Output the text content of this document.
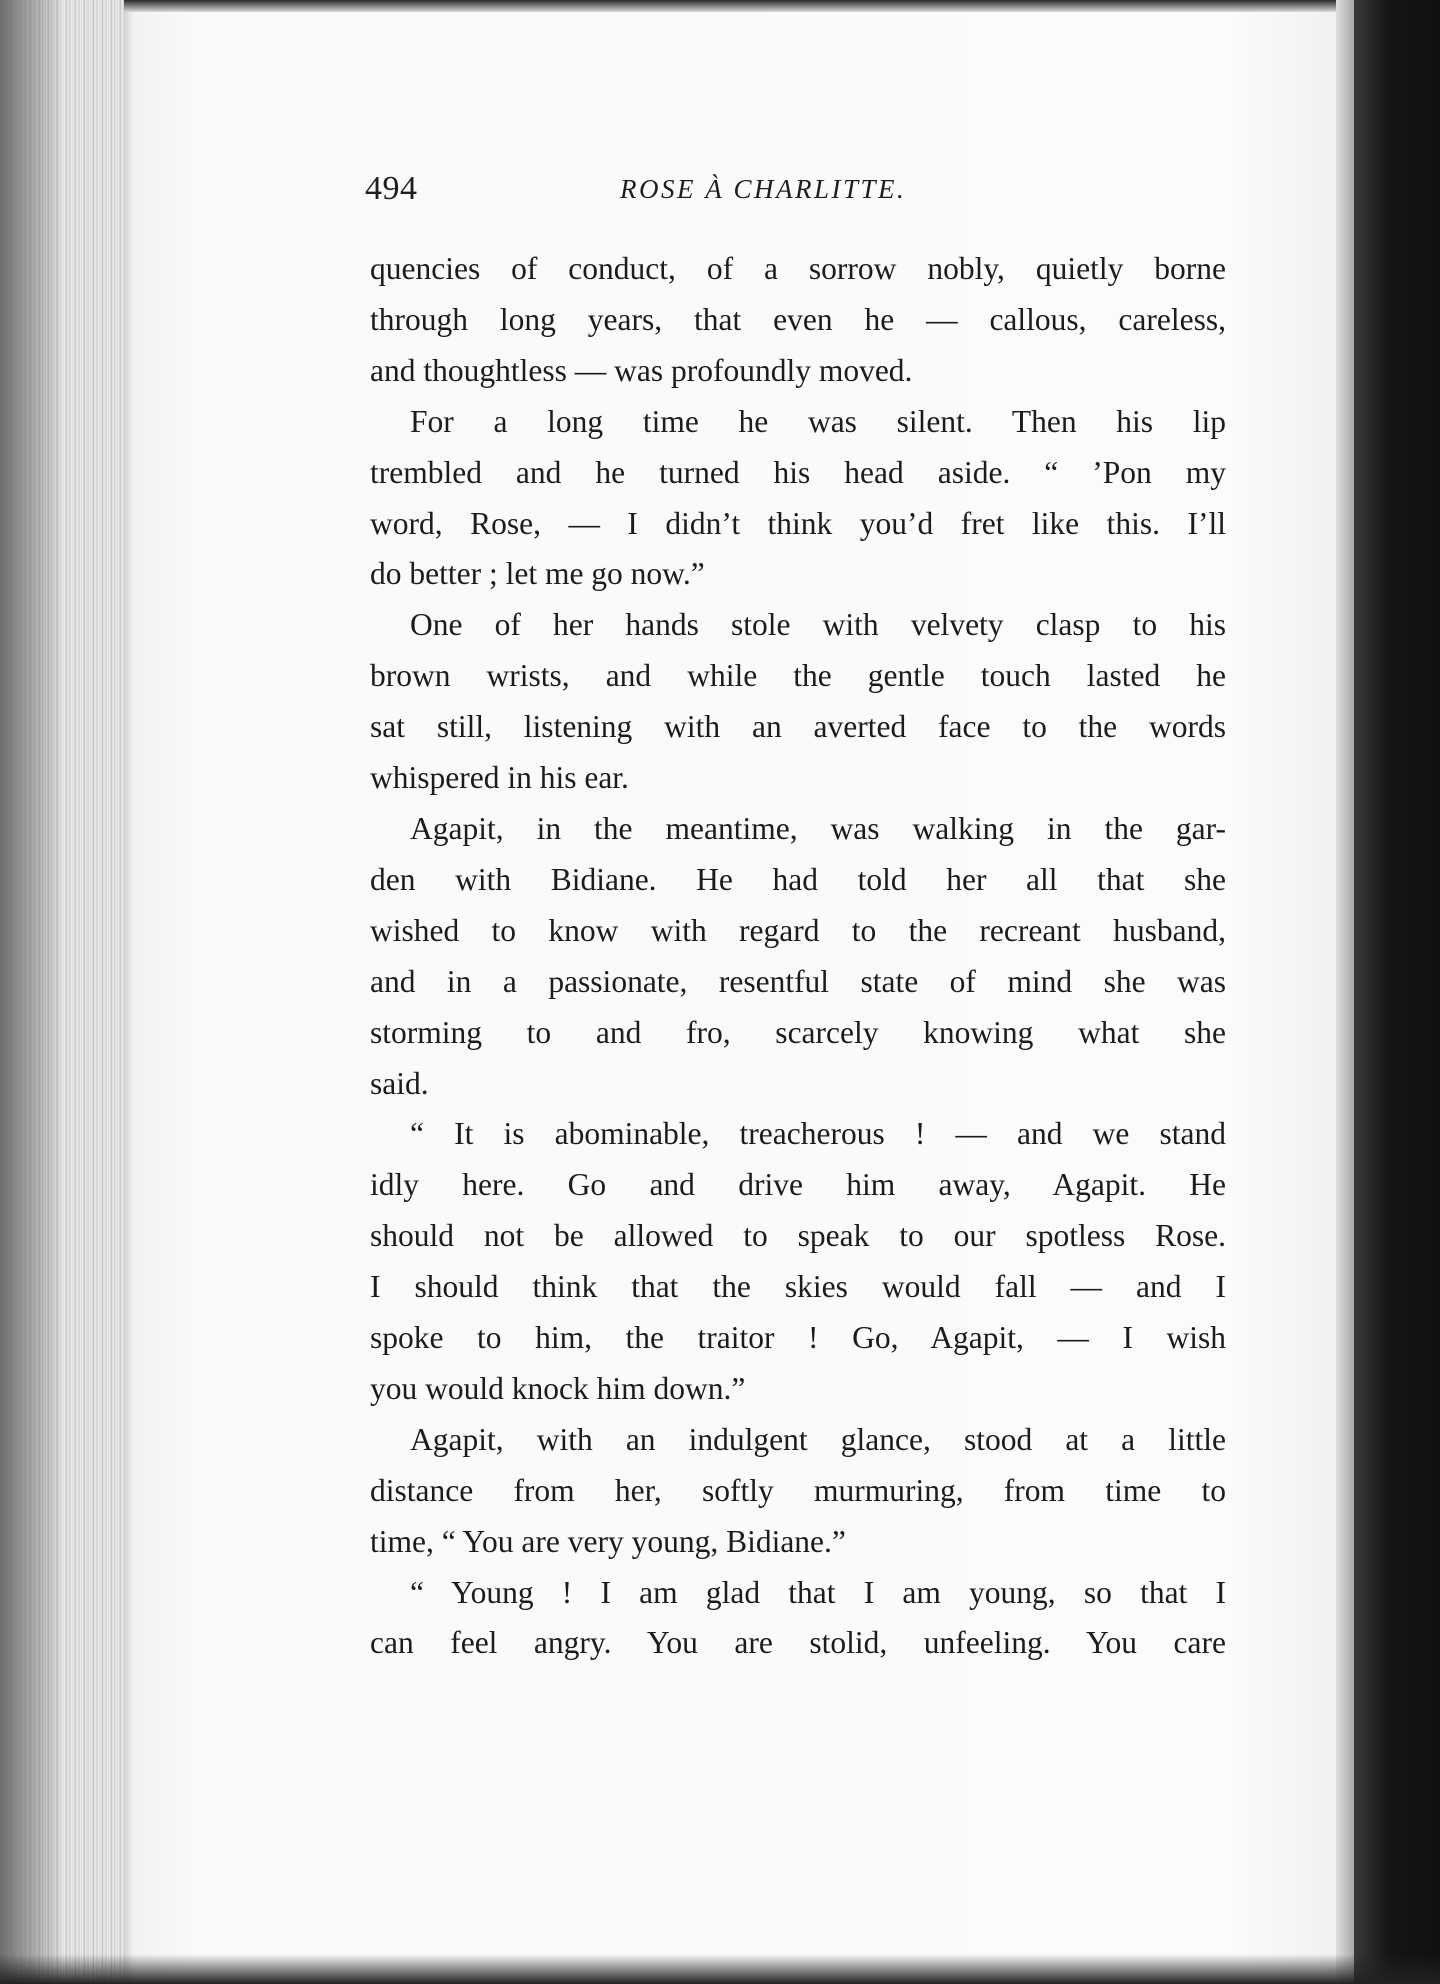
494	ROSE À CHARLITTE.
quencies of conduct, of a sorrow nobly, quietly borne
through long years, that even he — callous, careless,
and thoughtless — was profoundly moved.
For a long time he was silent. Then his lip
trembled and he turned his head aside. “ ’Pon my
word, Rose, — I didn’t think you’d fret like this. I’ll
do better ; let me go now.”
One of her hands stole with velvety clasp to his
brown wrists, and while the gentle touch lasted he
sat still, listening with an averted face to the words
whispered in his ear.
Agapit, in the meantime, was walking in the gar-
den with Bidiane. He had told her all that she
wished to know with regard to the recreant husband,
and in a passionate, resentful state of mind she was
storming to and fro, scarcely knowing what she
said.
“ It is abominable, treacherous ! — and we stand
idly here. Go and drive him away, Agapit. He
should not be allowed to speak to our spotless Rose.
I should think that the skies would fall — and I
spoke to him, the traitor ! Go, Agapit, — I wish
you would knock him down.”
Agapit, with an indulgent glance, stood at a little
distance from her, softly murmuring, from time to
time, “ You are very young, Bidiane.”
“ Young ! I am glad that I am young, so that I
can feel angry. You are stolid, unfeeling. You care
